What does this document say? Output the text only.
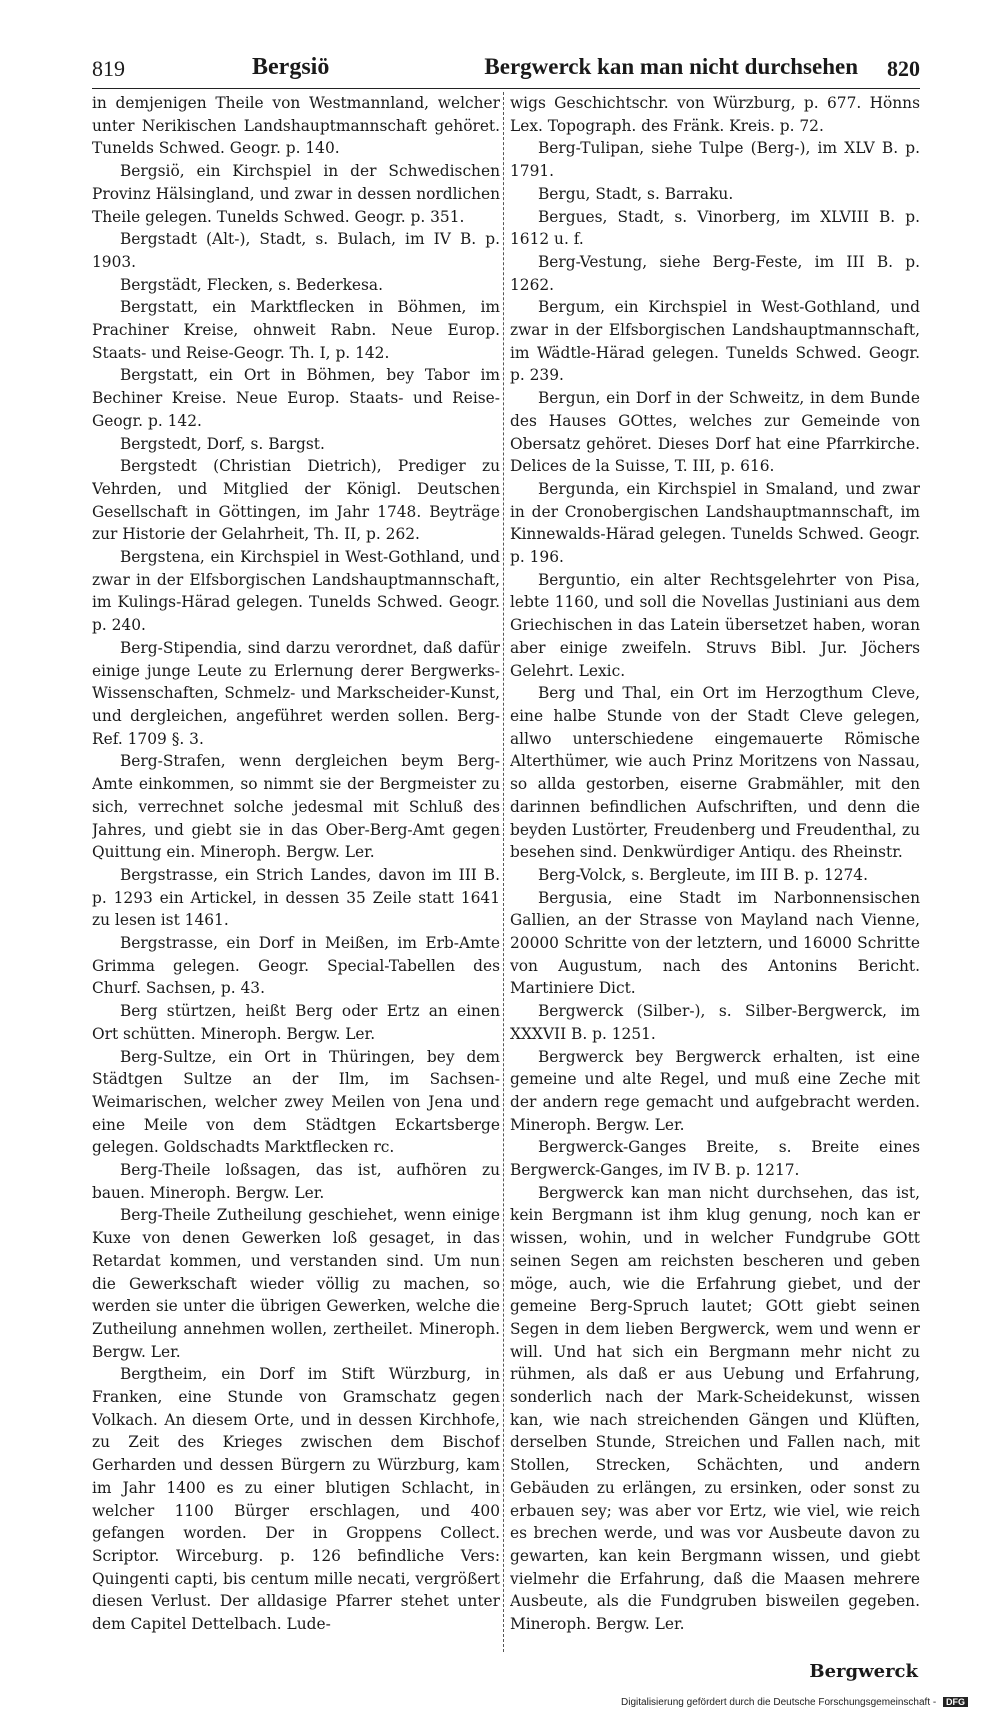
819	Bergsiö	Bergwerck kan man nicht durchsehen 820

in demjenigen Theile von Westmannland, welcher unter Nerikischen Landshauptmannschaft gehöret. Tunelds Schwed. Geogr. p. 140.

Bergsiö, ein Kirchspiel in der Schwedischen Provinz Hälsingland, und zwar in dessen nordlichen Theile gelegen. Tunelds Schwed. Geogr. p. 351.

Bergstadt (Alt-), Stadt, s. Bulach, im IV B. p. 1903.

Bergstädt, Flecken, s. Bederkesa.

Bergstatt, ein Marktflecken in Böhmen, im Prachiner Kreise, ohnweit Rabn. Neue Europ. Staats- und Reise-Geogr. Th. I, p. 142.

Bergstatt, ein Ort in Böhmen, bey Tabor im Bechiner Kreise. Neue Europ. Staats- und Reise-Geogr. p. 142.

Bergstedt, Dorf, s. Bargst.

Bergstedt (Christian Dietrich), Prediger zu Vehrden, und Mitglied der Königl. Deutschen Gesellschaft in Göttingen, im Jahr 1748. Beyträge zur Historie der Gelahrheit, Th. II, p. 262.

Bergstena, ein Kirchspiel in West-Gothland, und zwar in der Elfsborgischen Landshauptmannschaft, im Kulings-Härad gelegen. Tunelds Schwed. Geogr. p. 240.

Berg-Stipendia, sind darzu verordnet, daß dafür einige junge Leute zu Erlernung derer Bergwerks-Wissenschaften, Schmelz- und Markscheider-Kunst, und dergleichen, angeführet werden sollen. Berg-Ref. 1709 §. 3.

Berg-Strafen, wenn dergleichen beym Berg-Amte einkommen, so nimmt sie der Bergmeister zu sich, verrechnet solche jedesmal mit Schluß des Jahres, und giebt sie in das Ober-Berg-Amt gegen Quittung ein. Mineroph. Bergw. Ler.

Bergstrasse, ein Strich Landes, davon im III B. p. 1293 ein Artickel, in dessen 35 Zeile statt 1641 zu lesen ist 1461.

Bergstrasse, ein Dorf in Meißen, im Erb-Amte Grimma gelegen. Geogr. Special-Tabellen des Churf. Sachsen, p. 43.

Berg stürtzen, heißt Berg oder Ertz an einen Ort schütten. Mineroph. Bergw. Ler.

Berg-Sultze, ein Ort in Thüringen, bey dem Städtgen Sultze an der Ilm, im Sachsen-Weimarischen, welcher zwey Meilen von Jena und eine Meile von dem Städtgen Eckartsberge gelegen. Goldschadts Marktflecken rc.

Berg-Theile loßsagen, das ist, aufhören zu bauen. Mineroph. Bergw. Ler.

Berg-Theile Zutheilung geschiehet, wenn einige Kuxe von denen Gewerken loß gesaget, in das Retardat kommen, und verstanden sind. Um nun die Gewerkschaft wieder völlig zu machen, so werden sie unter die übrigen Gewerken, welche die Zutheilung annehmen wollen, zertheilet. Mineroph. Bergw. Ler.

Bergtheim, ein Dorf im Stift Würzburg, in Franken, eine Stunde von Gramschatz gegen Volkach. An diesem Orte, und in dessen Kirchhofe, zu Zeit des Krieges zwischen dem Bischof Gerharden und dessen Bürgern zu Würzburg, kam im Jahr 1400 es zu einer blutigen Schlacht, in welcher 1100 Bürger erschlagen, und 400 gefangen worden. Der in Groppens Collect. Scriptor. Wirceburg. p. 126 befindliche Vers: Quingenti capti, bis centum mille necati, vergrößert diesen Verlust. Der alldasige Pfarrer stehet unter dem Capitel Dettelbach. Lude-

wigs Geschichtschr. von Würzburg, p. 677. Hönns Lex. Topograph. des Fränk. Kreis. p. 72.

Berg-Tulipan, siehe Tulpe (Berg-), im XLV B. p. 1791.

Bergu, Stadt, s. Barraku.

Bergues, Stadt, s. Vinorberg, im XLVIII B. p. 1612 u. f.

Berg-Vestung, siehe Berg-Feste, im III B. p. 1262.

Bergum, ein Kirchspiel in West-Gothland, und zwar in der Elfsborgischen Landshauptmannschaft, im Wädtle-Härad gelegen. Tunelds Schwed. Geogr. p. 239.

Bergun, ein Dorf in der Schweitz, in dem Bunde des Hauses GOttes, welches zur Gemeinde von Obersatz gehöret. Dieses Dorf hat eine Pfarrkirche. Delices de la Suisse, T. III, p. 616.

Bergunda, ein Kirchspiel in Smaland, und zwar in der Cronobergischen Landshauptmannschaft, im Kinnewalds-Härad gelegen. Tunelds Schwed. Geogr. p. 196.

Berguntio, ein alter Rechtsgelehrter von Pisa, lebte 1160, und soll die Novellas Justiniani aus dem Griechischen in das Latein übersetzet haben, woran aber einige zweifeln. Struvs Bibl. Jur. Jöchers Gelehrt. Lexic.

Berg und Thal, ein Ort im Herzogthum Cleve, eine halbe Stunde von der Stadt Cleve gelegen, allwo unterschiedene eingemauerte Römische Alterthümer, wie auch Prinz Moritzens von Nassau, so allda gestorben, eiserne Grabmähler, mit den darinnen befindlichen Aufschriften, und denn die beyden Lustörter, Freudenberg und Freudenthal, zu besehen sind. Denkwürdiger Antiqu. des Rheinstr.

Berg-Volck, s. Bergleute, im III B. p. 1274.

Bergusia, eine Stadt im Narbonnensischen Gallien, an der Strasse von Mayland nach Vienne, 20000 Schritte von der letztern, und 16000 Schritte von Augustum, nach des Antonins Bericht. Martiniere Dict.

Bergwerck (Silber-), s. Silber-Bergwerck, im XXXVII B. p. 1251.

Bergwerck bey Bergwerck erhalten, ist eine gemeine und alte Regel, und muß eine Zeche mit der andern rege gemacht und aufgebracht werden. Mineroph. Bergw. Ler.

Bergwerck-Ganges Breite, s. Breite eines Bergwerck-Ganges, im IV B. p. 1217.

Bergwerck kan man nicht durchsehen, das ist, kein Bergmann ist ihm klug genung, noch kan er wissen, wohin, und in welcher Fundgrube GOtt seinen Segen am reichsten bescheren und geben möge, auch, wie die Erfahrung giebet, und der gemeine Berg-Spruch lautet; GOtt giebt seinen Segen in dem lieben Bergwerck, wem und wenn er will. Und hat sich ein Bergmann mehr nicht zu rühmen, als daß er aus Uebung und Erfahrung, sonderlich nach der Mark-Scheidekunst, wissen kan, wie nach streichenden Gängen und Klüften, derselben Stunde, Streichen und Fallen nach, mit Stollen, Strecken, Schächten, und andern Gebäuden zu erlängen, zu ersinken, oder sonst zu erbauen sey; was aber vor Ertz, wie viel, wie reich es brechen werde, und was vor Ausbeute davon zu gewarten, kan kein Bergmann wissen, und giebt vielmehr die Erfahrung, daß die Maasen mehrere Ausbeute, als die Fundgruben bisweilen gegeben. Mineroph. Bergw. Ler.

Bergwerck
Digitalisierung gefördert durch die Deutsche Forschungsgemeinschaft - DFG
